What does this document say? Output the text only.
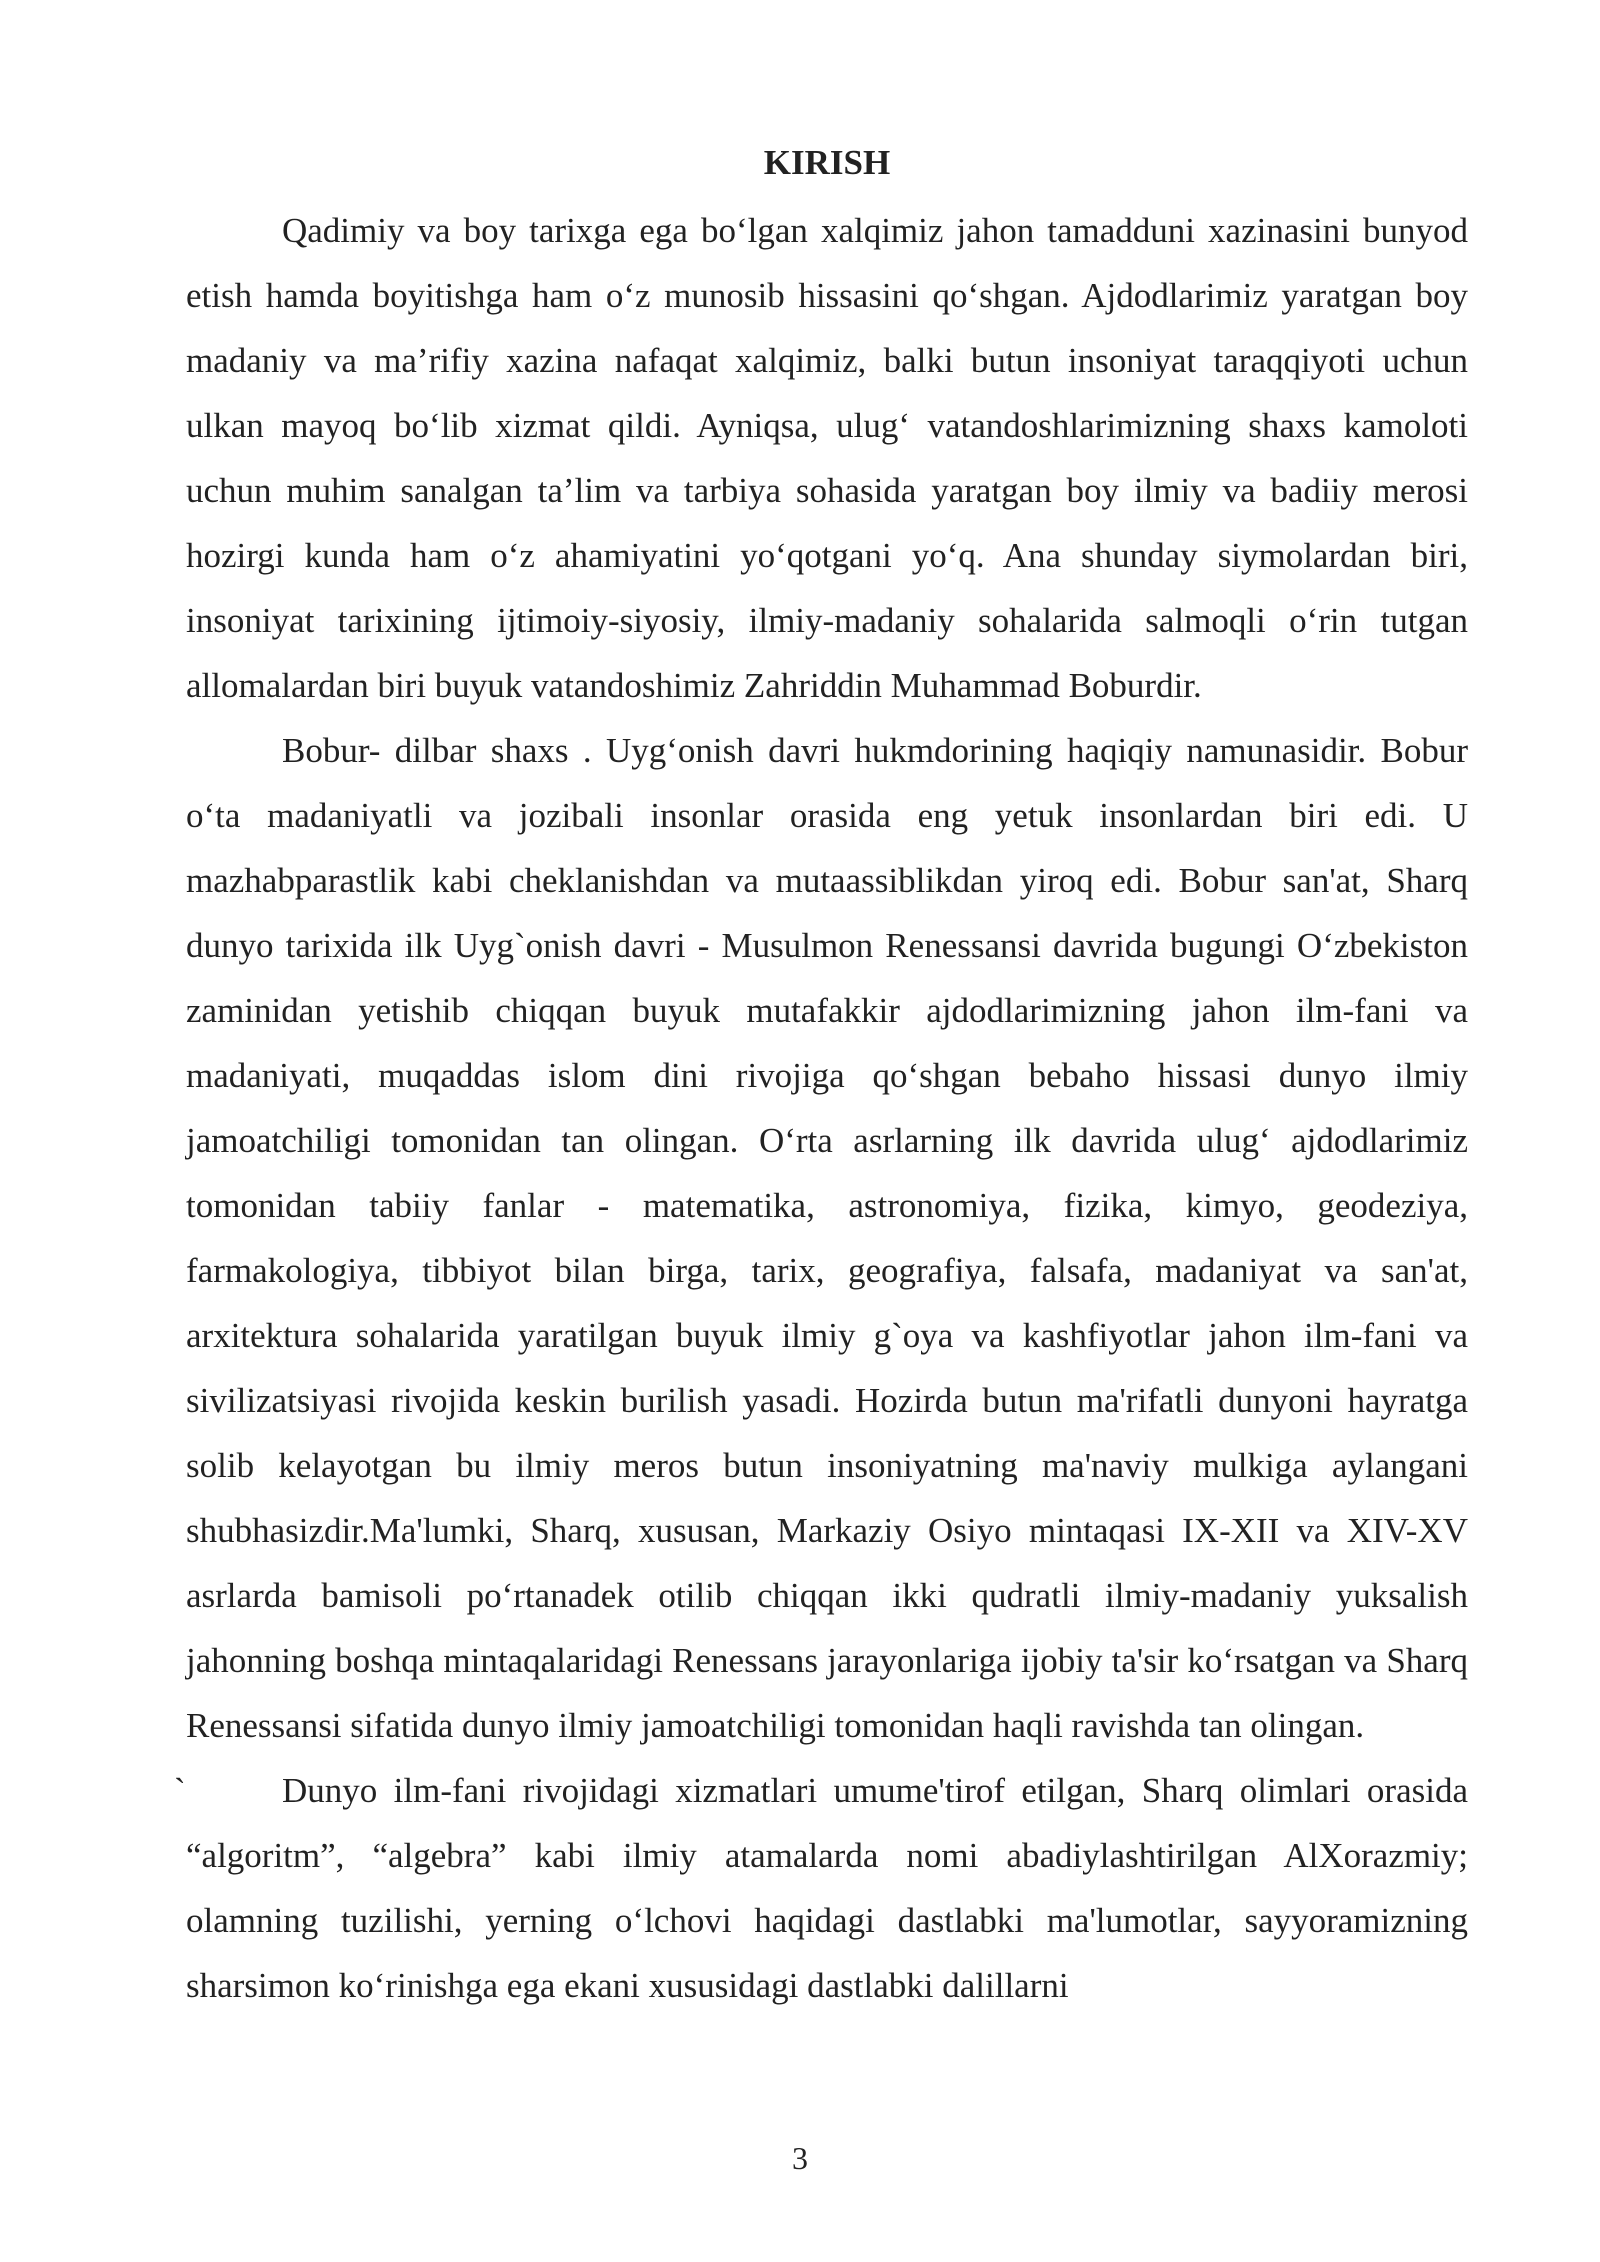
KIRISH

Qadimiy va boy tarixga ega bo‘lgan xalqimiz jahon tamadduni xazinasini bunyod etish hamda boyitishga ham o‘z munosib hissasini qo‘shgan. Ajdodlarimiz yaratgan boy madaniy va ma’rifiy xazina nafaqat xalqimiz, balki butun insoniyat taraqqiyoti uchun ulkan mayoq bo‘lib xizmat qildi. Ayniqsa, ulug‘ vatandoshlarimizning shaxs kamoloti uchun muhim sanalgan ta’lim va tarbiya sohasida yaratgan boy ilmiy va badiiy merosi hozirgi kunda ham o‘z ahamiyatini yo‘qotgani yo‘q. Ana shunday siymolardan biri, insoniyat tarixining ijtimoiy-siyosiy, ilmiy-madaniy sohalarida salmoqli o‘rin tutgan allomalardan biri buyuk vatandoshimiz Zahriddin Muhammad Boburdir.

Bobur- dilbar shaxs . Uyg‘onish davri hukmdorining haqiqiy namunasidir. Bobur o‘ta madaniyatli va jozibali insonlar orasida eng yetuk insonlardan biri edi. U mazhabparastlik kabi cheklanishdan va mutaassiblikdan yiroq edi. Bobur san'at, Sharq dunyo tarixida ilk Uyg`onish davri - Musulmon Renessansi davrida bugungi O‘zbekiston zaminidan yetishib chiqqan buyuk mutafakkir ajdodlarimizning jahon ilm-fani va madaniyati, muqaddas islom dini rivojiga qo‘shgan bebaho hissasi dunyo ilmiy jamoatchiligi tomonidan tan olingan. O‘rta asrlarning ilk davrida ulug‘ ajdodlarimiz tomonidan tabiiy fanlar - matematika, astronomiya, fizika, kimyo, geodeziya, farmakologiya, tibbiyot bilan birga, tarix, geografiya, falsafa, madaniyat va san'at, arxitektura sohalarida yaratilgan buyuk ilmiy g`oya va kashfiyotlar jahon ilm-fani va sivilizatsiyasi rivojida keskin burilish yasadi. Hozirda butun ma'rifatli dunyoni hayratga solib kelayotgan bu ilmiy meros butun insoniyatning ma'naviy mulkiga aylangani shubhasizdir.Ma'lumki, Sharq, xususan, Markaziy Osiyo mintaqasi IX-XII va XIV-XV asrlarda bamisoli po‘rtanadek otilib chiqqan ikki qudratli ilmiy-madaniy yuksalish jahonning boshqa mintaqalaridagi Renessans jarayonlariga ijobiy ta'sir ko‘rsatgan va Sharq Renessansi sifatida dunyo ilmiy jamoatchiligi tomonidan haqli ravishda tan olingan.

`	Dunyo ilm-fani rivojidagi xizmatlari umume'tirof etilgan, Sharq olimlari orasida “algoritm”, “algebra” kabi ilmiy atamalarda nomi abadiylashtirilgan AlXorazmiy; olamning tuzilishi, yerning o‘lchovi haqidagi dastlabki ma'lumotlar, sayyoramizning sharsimon ko‘rinishga ega ekani xususidagi dastlabki dalillarni
3
